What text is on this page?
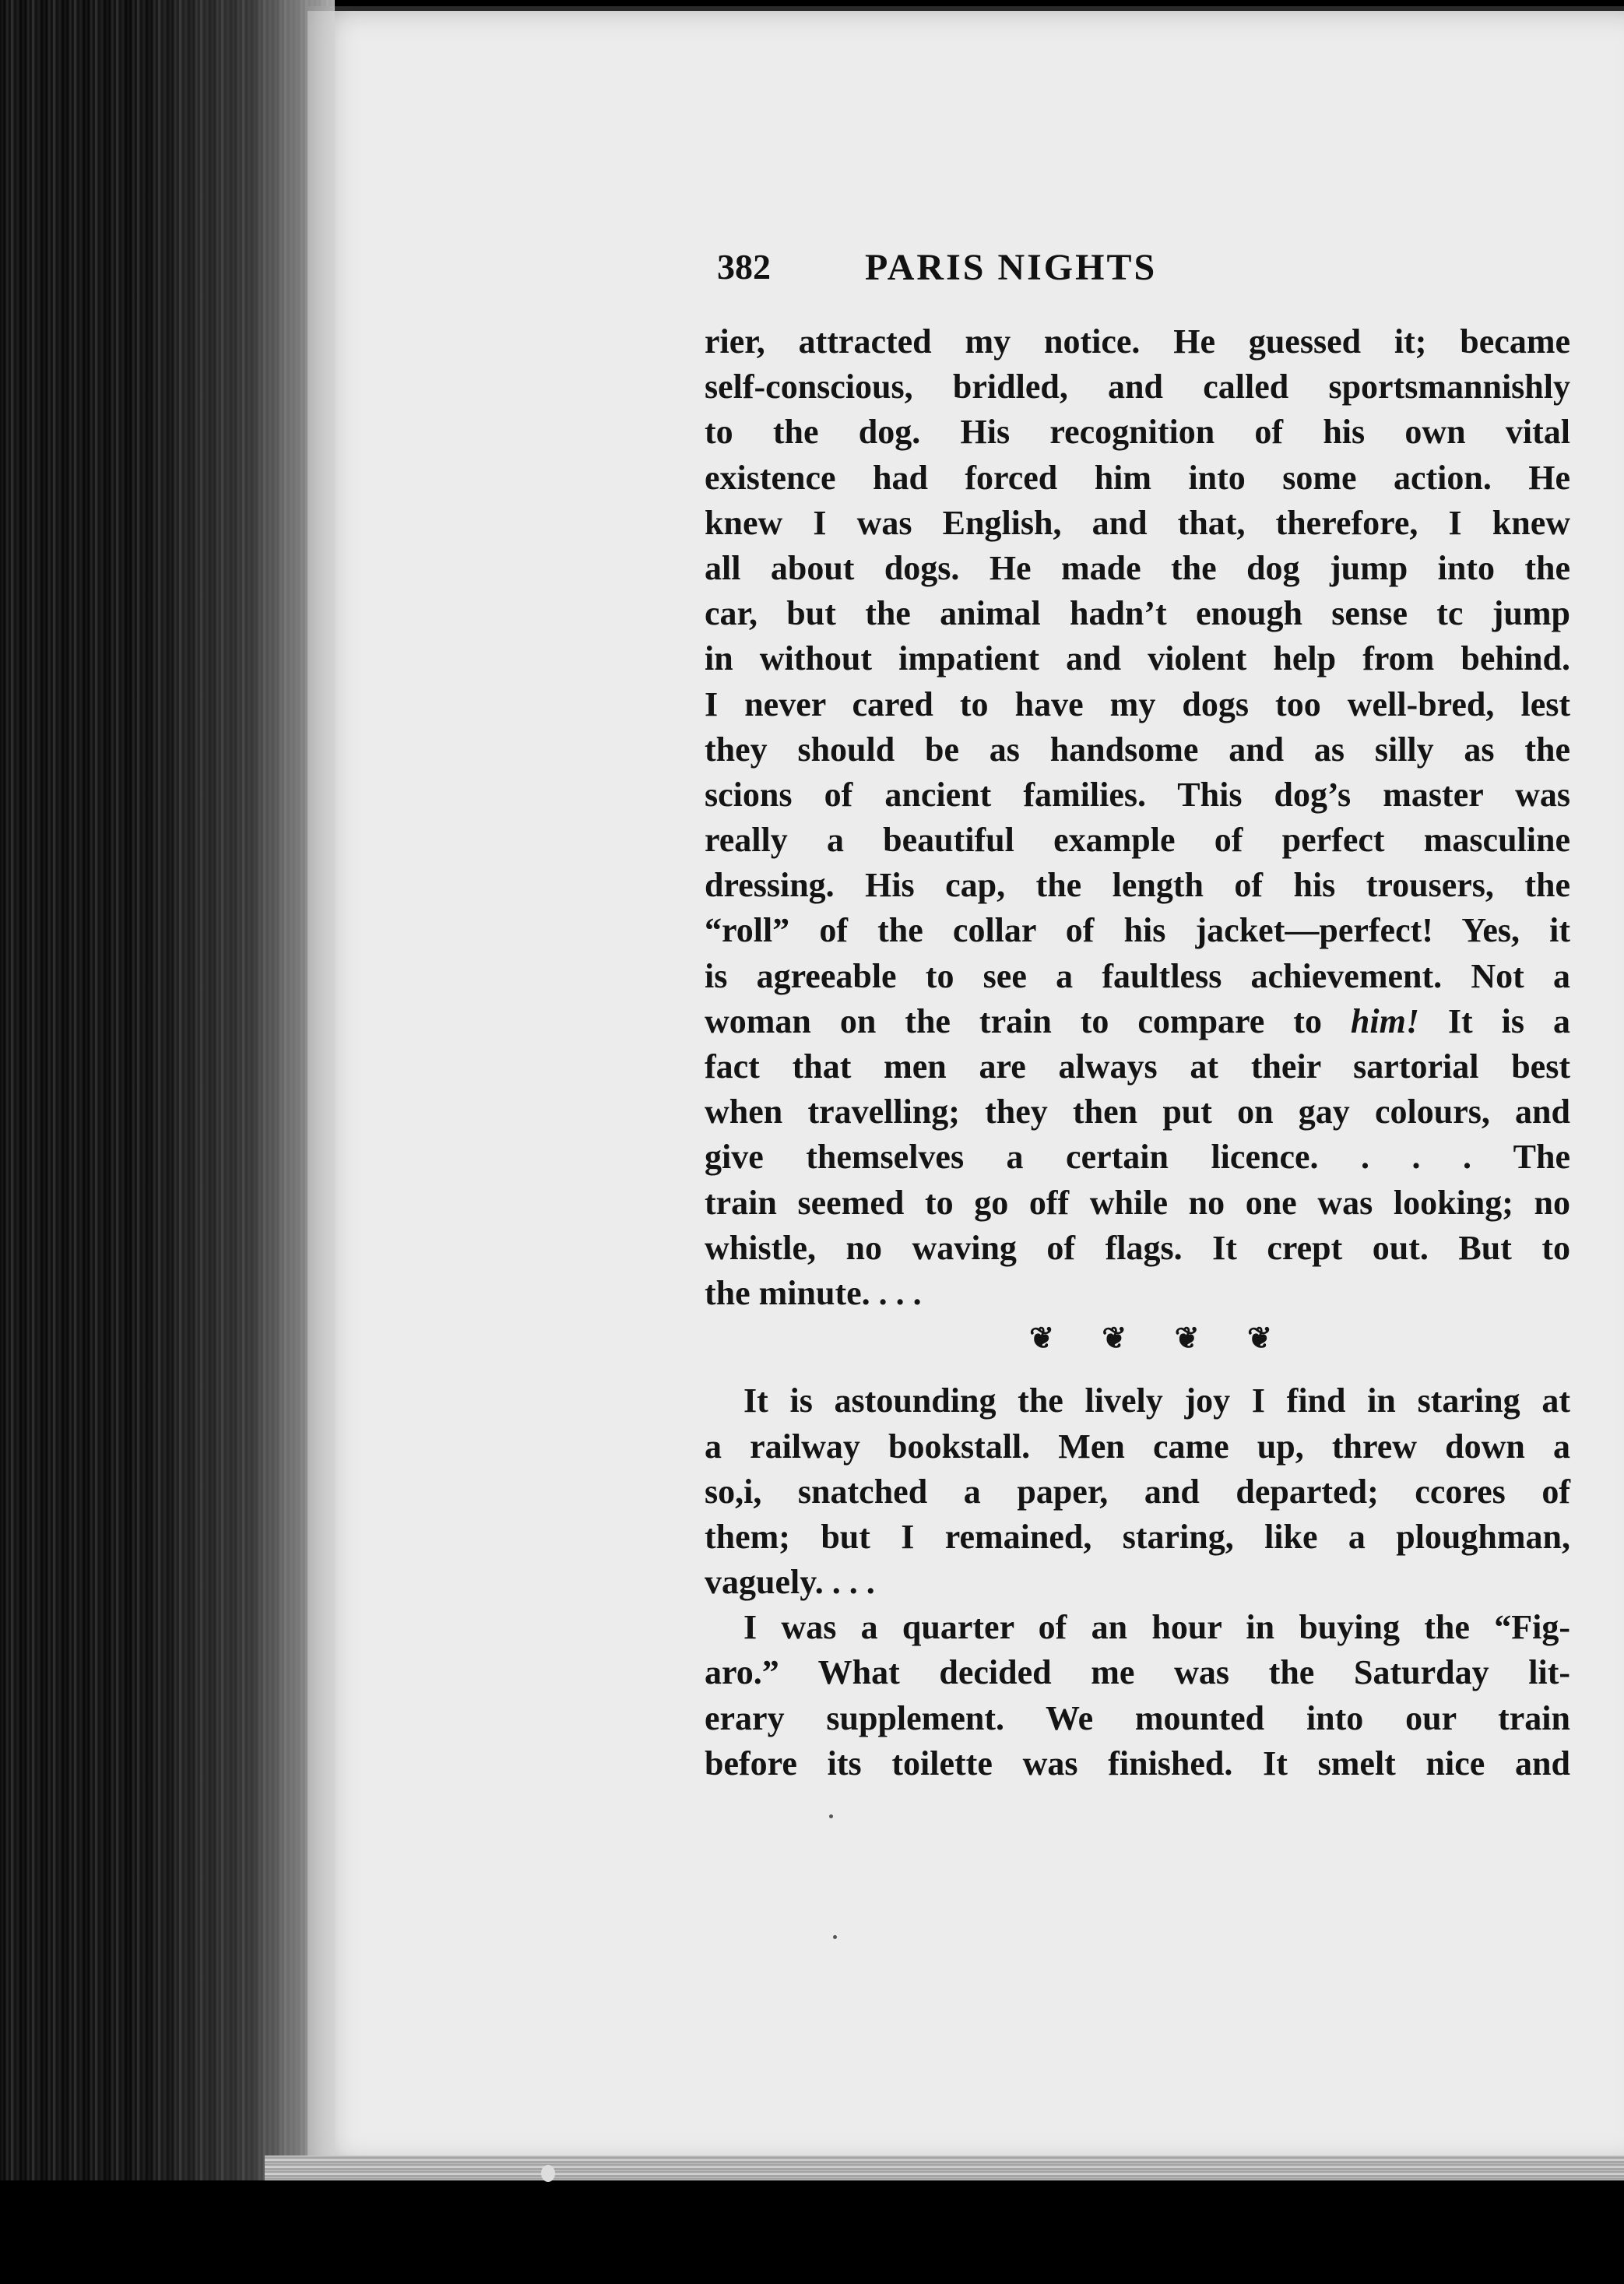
382	PARIS NIGHTS
rier, attracted my notice. He guessed it; became
self-conscious, bridled, and called sportsmannishly
to the dog. His recognition of his own vital
existence had forced him into some action. He
knew I was English, and that, therefore, I knew
all about dogs. He made the dog jump into the
car, but the animal hadn’t enough sense tc jump
in without impatient and violent help from behind.
I never cared to have my dogs too well-bred, lest
they should be as handsome and as silly as the
scions of ancient families. This dog’s master was
really a beautiful example of perfect masculine
dressing. His cap, the length of his trousers, the
“roll” of the collar of his jacket—perfect! Yes, it
is agreeable to see a faultless achievement. Not a
woman on the train to compare to him! It is a
fact that men are always at their sartorial best
when travelling; they then put on gay colours, and
give themselves a certain licence. . . . The
train seemed to go off while no one was looking; no
whistle, no waving of flags. It crept out. But to
the minute. . . .
❦ ❦ ❦ ❦
It is astounding the lively joy I find in staring at
a railway bookstall. Men came up, threw down a
so,i, snatched a paper, and departed; ccores of
them; but I remained, staring, like a ploughman,
vaguely. . . .
I was a quarter of an hour in buying the “Fig-
aro.” What decided me was the Saturday lit-
erary supplement. We mounted into our train
before its toilette was finished. It smelt nice and
